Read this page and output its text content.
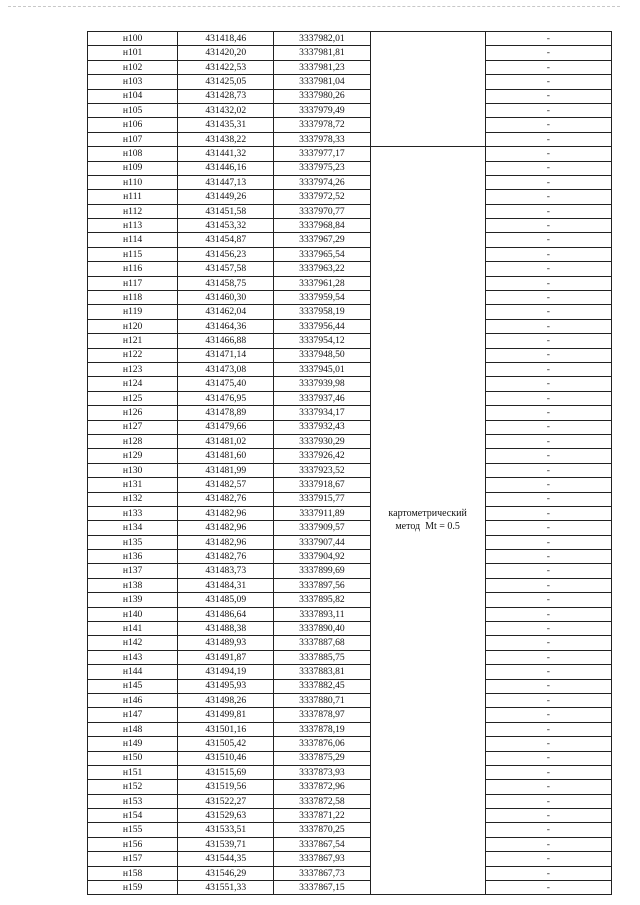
н100	431418,46	3337982,01		-
н101	431420,20	3337981,81		-
н102	431422,53	3337981,23		-
н103	431425,05	3337981,04		-
н104	431428,73	3337980,26		-
н105	431432,02	3337979,49		-
н106	431435,31	3337978,72		-
н107	431438,22	3337978,33		-
н108	431441,32	3337977,17	картометрический
метод  Mt = 0.5	-
н109	431446,16	3337975,23		-
н110	431447,13	3337974,26		-
н111	431449,26	3337972,52		-
н112	431451,58	3337970,77		-
н113	431453,32	3337968,84		-
н114	431454,87	3337967,29		-
н115	431456,23	3337965,54		-
н116	431457,58	3337963,22		-
н117	431458,75	3337961,28		-
н118	431460,30	3337959,54		-
н119	431462,04	3337958,19		-
н120	431464,36	3337956,44		-
н121	431466,88	3337954,12		-
н122	431471,14	3337948,50		-
н123	431473,08	3337945,01		-
н124	431475,40	3337939,98		-
н125	431476,95	3337937,46		-
н126	431478,89	3337934,17		-
н127	431479,66	3337932,43		-
н128	431481,02	3337930,29		-
н129	431481,60	3337926,42		-
н130	431481,99	3337923,52		-
н131	431482,57	3337918,67		-
н132	431482,76	3337915,77		-
н133	431482,96	3337911,89		-
н134	431482,96	3337909,57		-
н135	431482,96	3337907,44		-
н136	431482,76	3337904,92		-
н137	431483,73	3337899,69		-
н138	431484,31	3337897,56		-
н139	431485,09	3337895,82		-
н140	431486,64	3337893,11		-
н141	431488,38	3337890,40		-
н142	431489,93	3337887,68		-
н143	431491,87	3337885,75		-
н144	431494,19	3337883,81		-
н145	431495,93	3337882,45		-
н146	431498,26	3337880,71		-
н147	431499,81	3337878,97		-
н148	431501,16	3337878,19		-
н149	431505,42	3337876,06		-
н150	431510,46	3337875,29		-
н151	431515,69	3337873,93		-
н152	431519,56	3337872,96		-
н153	431522,27	3337872,58		-
н154	431529,63	3337871,22		-
н155	431533,51	3337870,25		-
н156	431539,71	3337867,54		-
н157	431544,35	3337867,93		-
н158	431546,29	3337867,73		-
н159	431551,33	3337867,15		-
